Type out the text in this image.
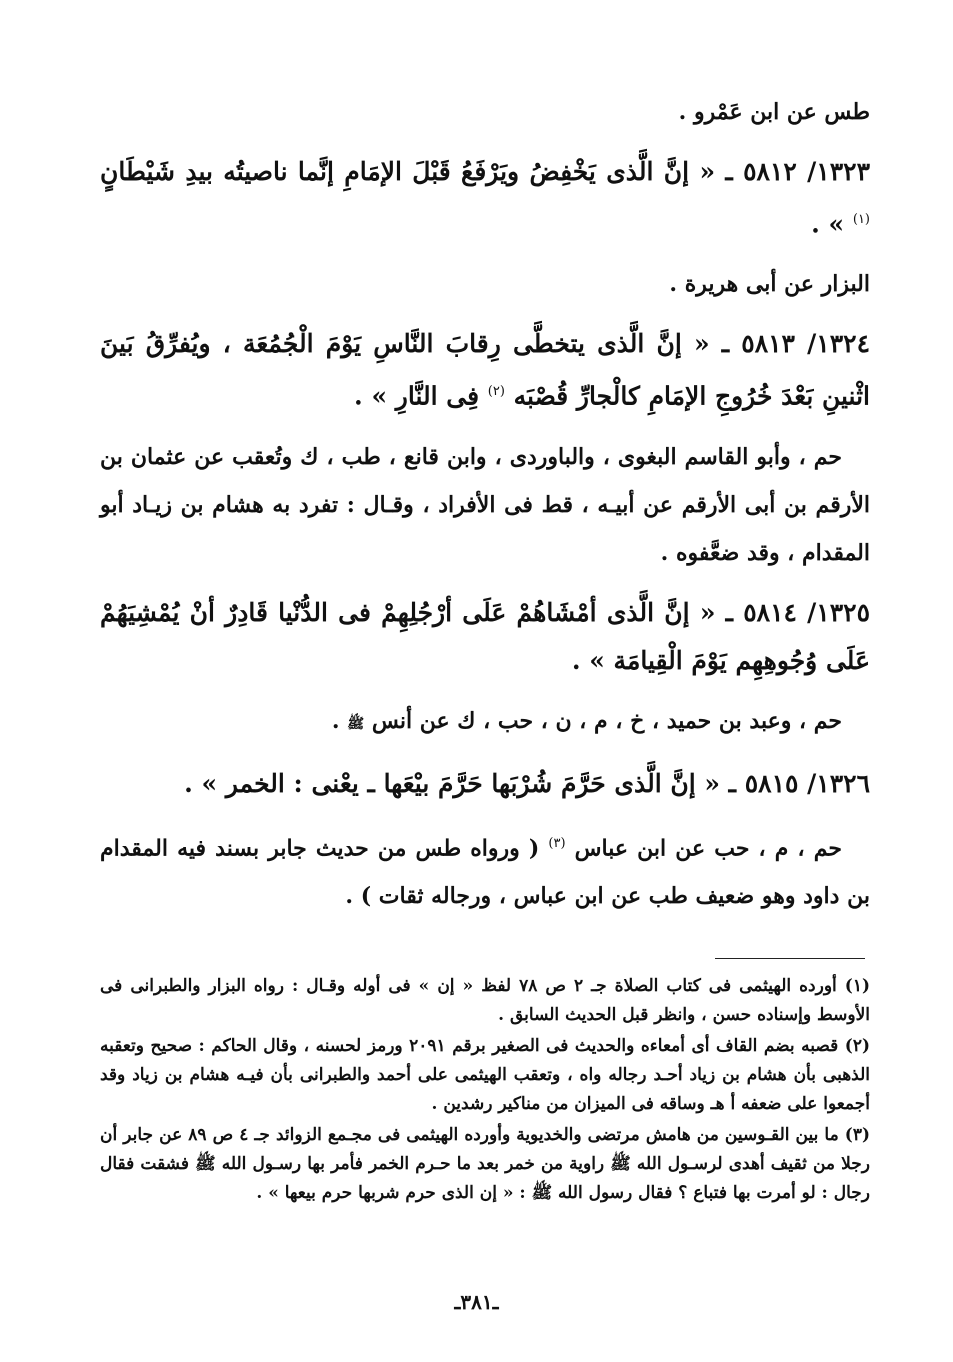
طس عن ابن عَمْرو .

١٣٢٣/ ٥٨١٢ ـ « إنَّ الَّذى يَخْفِضُ ويَرْفَعُ قَبْلَ الإمَامِ إنَّما ناصيتُه بيدِ شَيْطَانٍ $^{(١)}$ » .

البزار عن أبى هريرة .

١٣٢٤/ ٥٨١٣ ـ « إنَّ الَّذى يتخطَّى رِقابَ النَّاسِ يَوْمَ الْجُمُعَة ، ويُفرِّقُ بَينَ اثْنينِ بَعْدَ خُرُوجِ الإمَامِ كالْجارِّ قُصْبَه $^{(٢)}$ فِى النَّارِ » .

حم ، وأبو القاسم البغوى ، والباوردى ، وابن قانع ، طب ، ك وتُعقب عن عثمان بن الأرقم بن أبى الأرقم عن أبيـه ، قط فى الأفراد ، وقـال : تفرد به هشام بن زيـاد أبو المقدام ، وقد ضعَّفوه .

١٣٢٥/ ٥٨١٤ ـ « إنَّ الَّذى أمْشَاهُمْ عَلَى أرْجُلِهِمْ فى الدُّنْيا قَادِرٌ أنْ يُمْشِيَهُمْ عَلَى وُجُوهِهِم يَوْمَ الْقِيامَة » .

حم ، وعبد بن حميد ، خ ، م ، ن ، حب ، ك عن أنس ﷺ .

١٣٢٦/ ٥٨١٥ ـ « إنَّ الَّذى حَرَّمَ شُرْبَها حَرَّمَ بيْعَها ـ يعْنى : الخمر » .

حم ، م ، حب عن ابن عباس $^{(٣)}$ ( ورواه طس من حديث جابر بسند فيه المقدام بن داود وهو ضعيف طب عن ابن عباس ، ورجاله ثقات ) .

(١) أورده الهيثمى فى كتاب الصلاة جـ ٢ ص ٧٨ لفظ « إن » فى أوله وقـال : رواه البزار والطبرانى فى الأوسط وإسناده حسن ، وانظر قبل الحديث السابق .
(٢) قصبه بضم القاف أى أمعاءه والحديث فى الصغير برقم ٢٠٩١ ورمز لحسنه ، وقال الحاكم : صحيح وتعقبه الذهبى بأن هشام بن زياد أحـد رجاله واه ، وتعقب الهيثمى على أحمد والطبرانى بأن فيـه هشام بن زياد وقد أجمعوا على ضعفه أ هـ وساقه فى الميزان من مناكير رشدين .
(٣) ما بين القـوسين من هامش مرتضى والخديوية وأورده الهيثمى فى مجـمع الزوائد جـ ٤ ص ٨٩ عن جابر أن رجلا من ثقيف أهدى لرسـول الله ﷺ راوية من خمر بعد ما حـرم الخمر فأمر بها رسـول الله ﷺ فشقت فقال رجال : لو أمرت بها فتباع ؟ فقال رسول الله ﷺ : « إن الذى حرم شربها حرم بيعها » .
ـ٣٨١ـ
